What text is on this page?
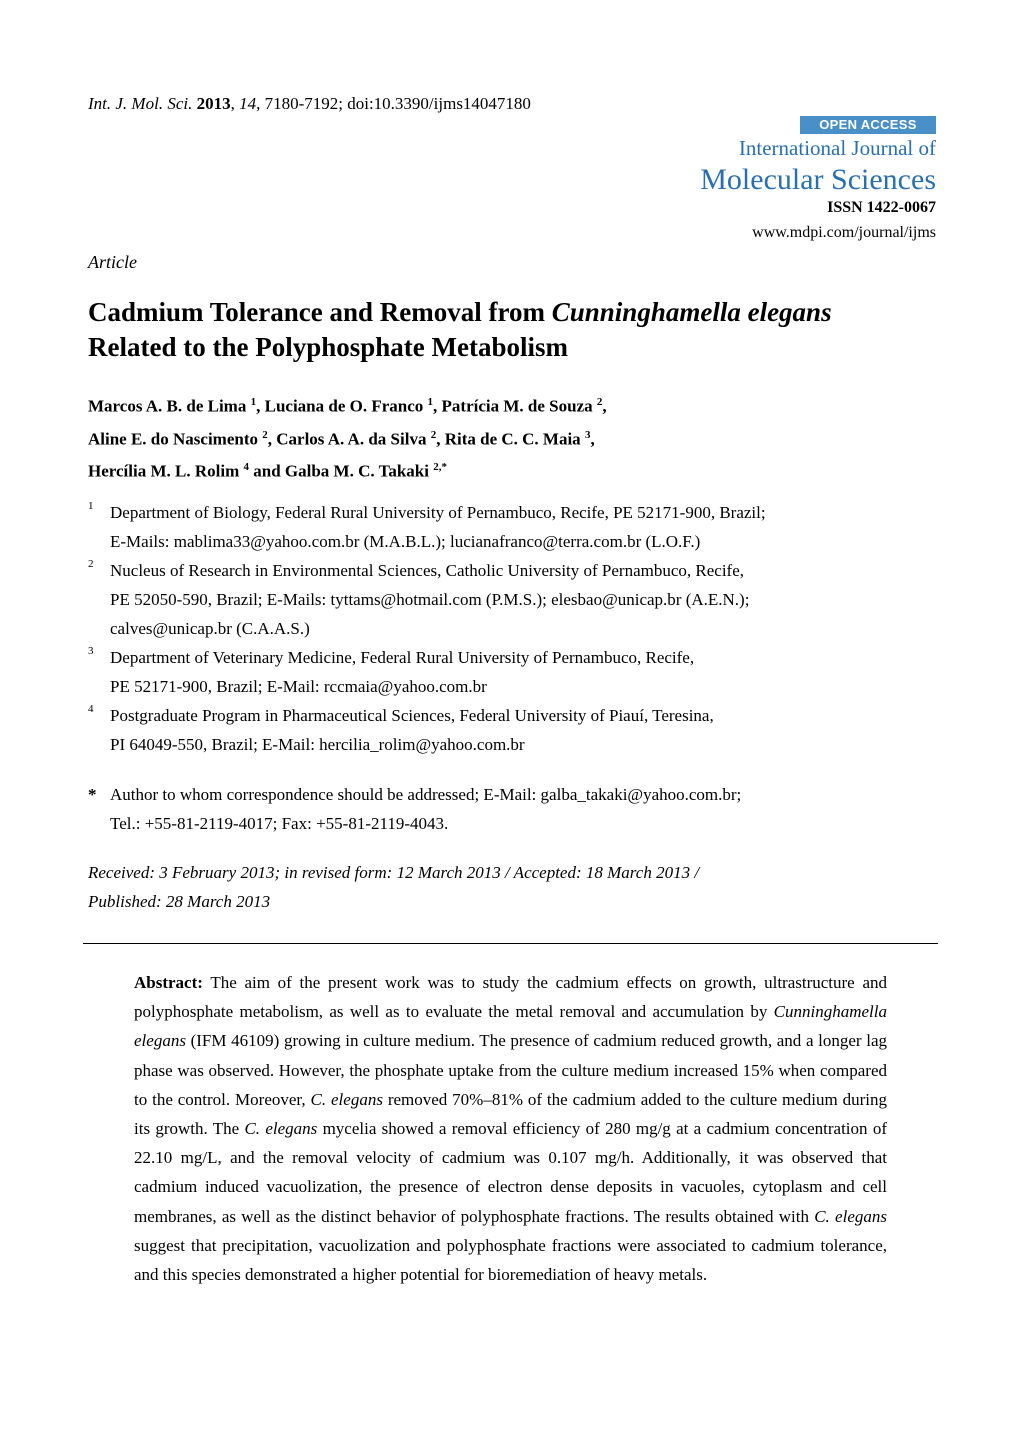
Int. J. Mol. Sci. 2013, 14, 7180-7192; doi:10.3390/ijms14047180
OPEN ACCESS
International Journal of
Molecular Sciences
ISSN 1422-0067
www.mdpi.com/journal/ijms
Article
Cadmium Tolerance and Removal from Cunninghamella elegans
Related to the Polyphosphate Metabolism
Marcos A. B. de Lima $^1$, Luciana de O. Franco $^1$, Patrícia M. de Souza $^2$,
Aline E. do Nascimento $^2$, Carlos A. A. da Silva $^2$, Rita de C. C. Maia $^3$,
Hercília M. L. Rolim $^4$ and Galba M. C. Takaki $^{2,*}$
1 Department of Biology, Federal Rural University of Pernambuco, Recife, PE 52171-900, Brazil;
E-Mails: mablima33@yahoo.com.br (M.A.B.L.); lucianafranco@terra.com.br (L.O.F.)
2 Nucleus of Research in Environmental Sciences, Catholic University of Pernambuco, Recife,
PE 52050-590, Brazil; E-Mails: tyttams@hotmail.com (P.M.S.); elesbao@unicap.br (A.E.N.);
calves@unicap.br (C.A.A.S.)
3 Department of Veterinary Medicine, Federal Rural University of Pernambuco, Recife,
PE 52171-900, Brazil; E-Mail: rccmaia@yahoo.com.br
4 Postgraduate Program in Pharmaceutical Sciences, Federal University of Piauí, Teresina,
PI 64049-550, Brazil; E-Mail: hercilia_rolim@yahoo.com.br
* Author to whom correspondence should be addressed; E-Mail: galba_takaki@yahoo.com.br;
Tel.: +55-81-2119-4017; Fax: +55-81-2119-4043.
Received: 3 February 2013; in revised form: 12 March 2013 / Accepted: 18 March 2013 /
Published: 28 March 2013
Abstract: The aim of the present work was to study the cadmium effects on growth, ultrastructure and polyphosphate metabolism, as well as to evaluate the metal removal and accumulation by Cunninghamella elegans (IFM 46109) growing in culture medium. The presence of cadmium reduced growth, and a longer lag phase was observed. However, the phosphate uptake from the culture medium increased 15% when compared to the control. Moreover, C. elegans removed 70%–81% of the cadmium added to the culture medium during its growth. The C. elegans mycelia showed a removal efficiency of 280 mg/g at a cadmium concentration of 22.10 mg/L, and the removal velocity of cadmium was 0.107 mg/h. Additionally, it was observed that cadmium induced vacuolization, the presence of electron dense deposits in vacuoles, cytoplasm and cell membranes, as well as the distinct behavior of polyphosphate fractions. The results obtained with C. elegans suggest that precipitation, vacuolization and polyphosphate fractions were associated to cadmium tolerance, and this species demonstrated a higher potential for bioremediation of heavy metals.
